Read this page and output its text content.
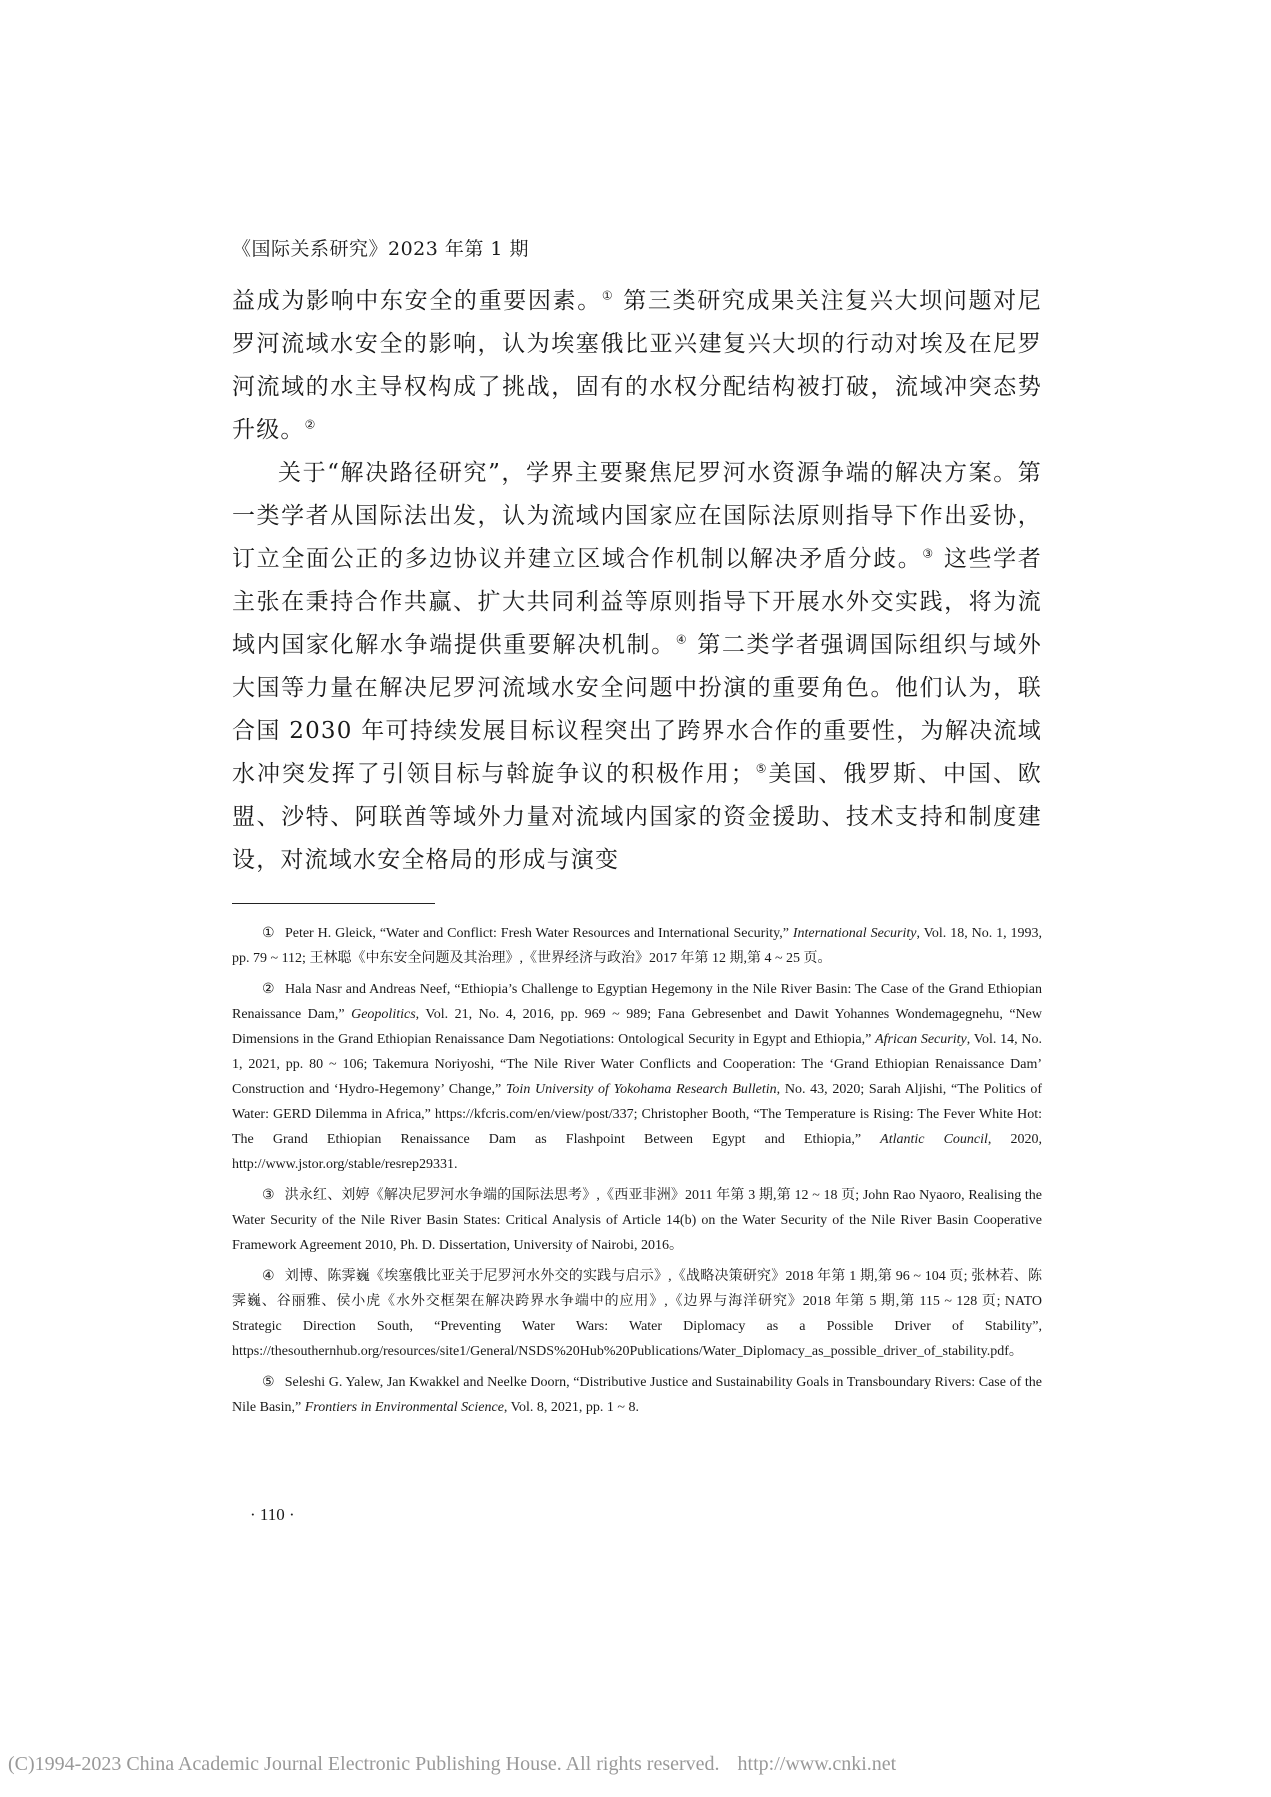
《国际关系研究》2023 年第 1 期

益成为影响中东安全的重要因素。① 第三类研究成果关注复兴大坝问题对尼罗河流域水安全的影响，认为埃塞俄比亚兴建复兴大坝的行动对埃及在尼罗河流域的水主导权构成了挑战，固有的水权分配结构被打破，流域冲突态势升级。②

关于“解决路径研究”，学界主要聚焦尼罗河水资源争端的解决方案。第一类学者从国际法出发，认为流域内国家应在国际法原则指导下作出妥协，订立全面公正的多边协议并建立区域合作机制以解决矛盾分歧。③ 这些学者主张在秉持合作共赢、扩大共同利益等原则指导下开展水外交实践，将为流域内国家化解水争端提供重要解决机制。④ 第二类学者强调国际组织与域外大国等力量在解决尼罗河流域水安全问题中扮演的重要角色。他们认为，联合国 2030 年可持续发展目标议程突出了跨界水合作的重要性，为解决流域水冲突发挥了引领目标与斡旋争议的积极作用；⑤美国、俄罗斯、中国、欧盟、沙特、阿联酋等域外力量对流域内国家的资金援助、技术支持和制度建设，对流域水安全格局的形成与演变

① Peter H. Gleick, “Water and Conflict: Fresh Water Resources and International Security,” International Security, Vol. 18, No. 1, 1993, pp. 79 ~ 112; 王林聪《中东安全问题及其治理》,《世界经济与政治》2017 年第 12 期,第 4 ~ 25 页。

② Hala Nasr and Andreas Neef, “Ethiopia’s Challenge to Egyptian Hegemony in the Nile River Basin: The Case of the Grand Ethiopian Renaissance Dam,” Geopolitics, Vol. 21, No. 4, 2016, pp. 969 ~ 989; Fana Gebresenbet and Dawit Yohannes Wondemagegnehu, “New Dimensions in the Grand Ethiopian Renaissance Dam Negotiations: Ontological Security in Egypt and Ethiopia,” African Security, Vol. 14, No. 1, 2021, pp. 80 ~ 106; Takemura Noriyoshi, “The Nile River Water Conflicts and Cooperation: The ‘Grand Ethiopian Renaissance Dam’ Construction and ‘Hydro-Hegemony’ Change,” Toin University of Yokohama Research Bulletin, No. 43, 2020; Sarah Aljishi, “The Politics of Water: GERD Dilemma in Africa,” https://kfcris.com/en/view/post/337; Christopher Booth, “The Temperature is Rising: The Fever White Hot: The Grand Ethiopian Renaissance Dam as Flashpoint Between Egypt and Ethiopia,” Atlantic Council, 2020, http://www.jstor.org/stable/resrep29331.

③ 洪永红、刘婷《解决尼罗河水争端的国际法思考》,《西亚非洲》2011 年第 3 期,第 12 ~ 18 页; John Rao Nyaoro, Realising the Water Security of the Nile River Basin States: Critical Analysis of Article 14(b) on the Water Security of the Nile River Basin Cooperative Framework Agreement 2010, Ph. D. Dissertation, University of Nairobi, 2016。

④ 刘博、陈霁巍《埃塞俄比亚关于尼罗河水外交的实践与启示》,《战略决策研究》2018 年第 1 期,第 96 ~ 104 页; 张林若、陈霁巍、谷丽雅、侯小虎《水外交框架在解决跨界水争端中的应用》,《边界与海洋研究》2018 年第 5 期,第 115 ~ 128 页; NATO Strategic Direction South, “Preventing Water Wars: Water Diplomacy as a Possible Driver of Stability”, https://thesouthernhub.org/resources/site1/General/NSDS%20Hub%20Publications/Water_Diplomacy_as_possible_driver_of_stability.pdf。

⑤ Seleshi G. Yalew, Jan Kwakkel and Neelke Doorn, “Distributive Justice and Sustainability Goals in Transboundary Rivers: Case of the Nile Basin,” Frontiers in Environmental Science, Vol. 8, 2021, pp. 1 ~ 8.

· 110 ·
(C)1994-2023 China Academic Journal Electronic Publishing House. All rights reserved. http://www.cnki.net
